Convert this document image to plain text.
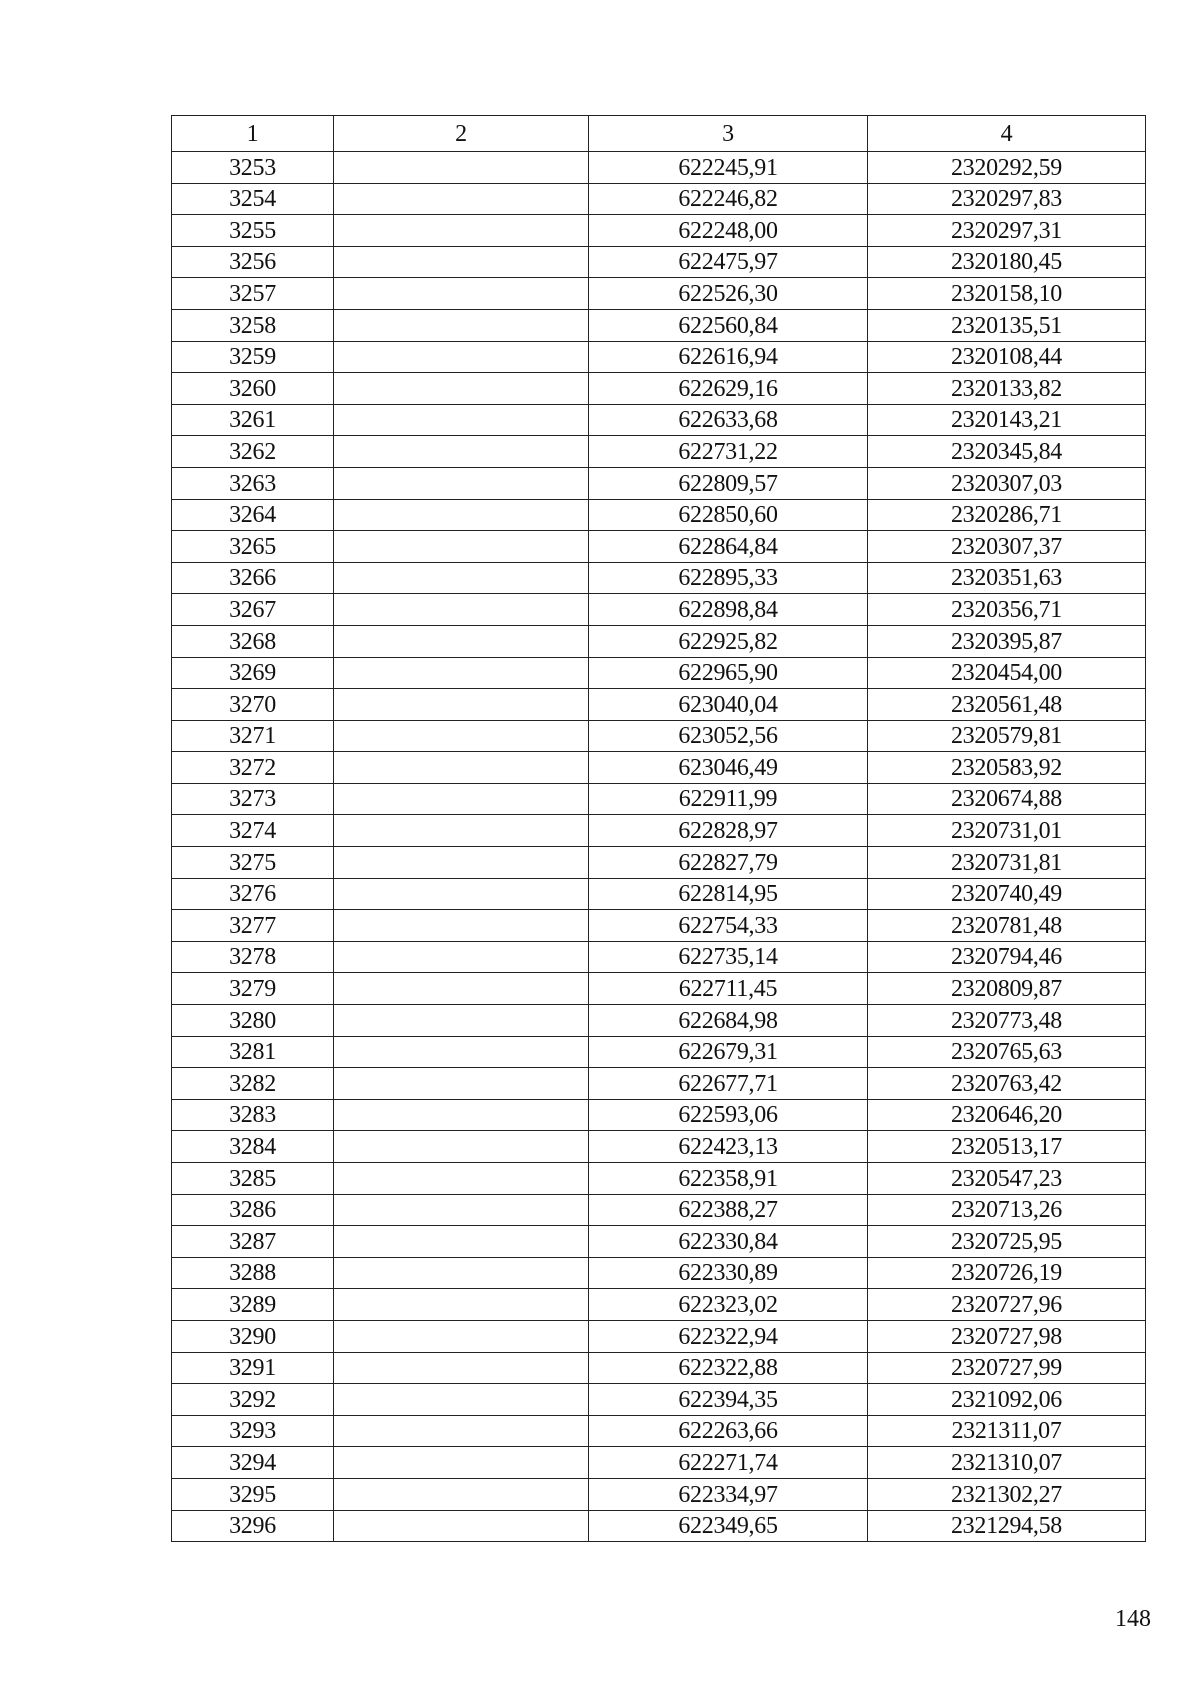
1	2	3	4
3253		622245,91	2320292,59
3254		622246,82	2320297,83
3255		622248,00	2320297,31
3256		622475,97	2320180,45
3257		622526,30	2320158,10
3258		622560,84	2320135,51
3259		622616,94	2320108,44
3260		622629,16	2320133,82
3261		622633,68	2320143,21
3262		622731,22	2320345,84
3263		622809,57	2320307,03
3264		622850,60	2320286,71
3265		622864,84	2320307,37
3266		622895,33	2320351,63
3267		622898,84	2320356,71
3268		622925,82	2320395,87
3269		622965,90	2320454,00
3270		623040,04	2320561,48
3271		623052,56	2320579,81
3272		623046,49	2320583,92
3273		622911,99	2320674,88
3274		622828,97	2320731,01
3275		622827,79	2320731,81
3276		622814,95	2320740,49
3277		622754,33	2320781,48
3278		622735,14	2320794,46
3279		622711,45	2320809,87
3280		622684,98	2320773,48
3281		622679,31	2320765,63
3282		622677,71	2320763,42
3283		622593,06	2320646,20
3284		622423,13	2320513,17
3285		622358,91	2320547,23
3286		622388,27	2320713,26
3287		622330,84	2320725,95
3288		622330,89	2320726,19
3289		622323,02	2320727,96
3290		622322,94	2320727,98
3291		622322,88	2320727,99
3292		622394,35	2321092,06
3293		622263,66	2321311,07
3294		622271,74	2321310,07
3295		622334,97	2321302,27
3296		622349,65	2321294,58
148
